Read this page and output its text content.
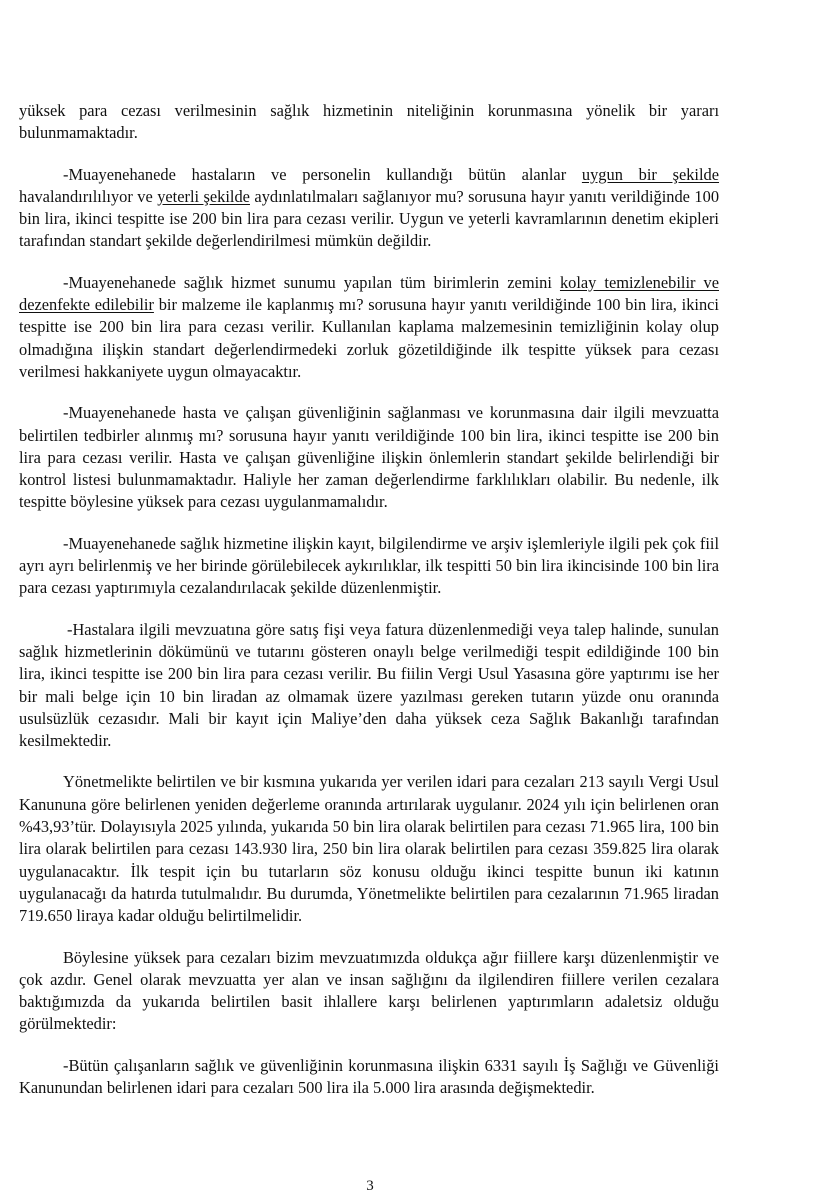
yüksek para cezası verilmesinin sağlık hizmetinin niteliğinin korunmasına yönelik bir yararı bulunmamaktadır.

-Muayenehanede hastaların ve personelin kullandığı bütün alanlar uygun bir şekilde havalandırılılıyor ve yeterli şekilde aydınlatılmaları sağlanıyor mu? sorusuna hayır yanıtı verildiğinde 100 bin lira, ikinci tespitte ise 200 bin lira para cezası verilir. Uygun ve yeterli kavramlarının denetim ekipleri tarafından standart şekilde değerlendirilmesi mümkün değildir.

-Muayenehanede sağlık hizmet sunumu yapılan tüm birimlerin zemini kolay temizlenebilir ve dezenfekte edilebilir bir malzeme ile kaplanmış mı? sorusuna hayır yanıtı verildiğinde 100 bin lira, ikinci tespitte ise 200 bin lira para cezası verilir. Kullanılan kaplama malzemesinin temizliğinin kolay olup olmadığına ilişkin standart değerlendirmedeki zorluk gözetildiğinde ilk tespitte yüksek para cezası verilmesi hakkaniyete uygun olmayacaktır.

-Muayenehanede hasta ve çalışan güvenliğinin sağlanması ve korunmasına dair ilgili mevzuatta belirtilen tedbirler alınmış mı? sorusuna hayır yanıtı verildiğinde 100 bin lira, ikinci tespitte ise 200 bin lira para cezası verilir. Hasta ve çalışan güvenliğine ilişkin önlemlerin standart şekilde belirlendiği bir kontrol listesi bulunmamaktadır. Haliyle her zaman değerlendirme farklılıkları olabilir. Bu nedenle, ilk tespitte böylesine yüksek para cezası uygulanmamalıdır.

-Muayenehanede sağlık hizmetine ilişkin kayıt, bilgilendirme ve arşiv işlemleriyle ilgili pek çok fiil ayrı ayrı belirlenmiş ve her birinde görülebilecek aykırılıklar, ilk tespitti 50 bin lira ikincisinde 100 bin lira para cezası yaptırımıyla cezalandırılacak şekilde düzenlenmiştir.

-Hastalara ilgili mevzuatına göre satış fişi veya fatura düzenlenmediği veya talep halinde, sunulan sağlık hizmetlerinin dökümünü ve tutarını gösteren onaylı belge verilmediği tespit edildiğinde 100 bin lira, ikinci tespitte ise 200 bin lira para cezası verilir. Bu fiilin Vergi Usul Yasasına göre yaptırımı ise her bir mali belge için 10 bin liradan az olmamak üzere yazılması gereken tutarın yüzde onu oranında usulsüzlük cezasıdır. Mali bir kayıt için Maliye’den daha yüksek ceza Sağlık Bakanlığı tarafından kesilmektedir.

Yönetmelikte belirtilen ve bir kısmına yukarıda yer verilen idari para cezaları 213 sayılı Vergi Usul Kanununa göre belirlenen yeniden değerleme oranında artırılarak uygulanır. 2024 yılı için belirlenen oran %43,93’tür. Dolayısıyla 2025 yılında, yukarıda 50 bin lira olarak belirtilen para cezası 71.965 lira, 100 bin lira olarak belirtilen para cezası 143.930 lira, 250 bin lira olarak belirtilen para cezası 359.825 lira olarak uygulanacaktır. İlk tespit için bu tutarların söz konusu olduğu ikinci tespitte bunun iki katının uygulanacağı da hatırda tutulmalıdır. Bu durumda, Yönetmelikte belirtilen para cezalarının 71.965 liradan 719.650 liraya kadar olduğu belirtilmelidir.

Böylesine yüksek para cezaları bizim mevzuatımızda oldukça ağır fiillere karşı düzenlenmiştir ve çok azdır. Genel olarak mevzuatta yer alan ve insan sağlığını da ilgilendiren fiillere verilen cezalara baktığımızda da yukarıda belirtilen basit ihlallere karşı belirlenen yaptırımların adaletsiz olduğu görülmektedir:

-Bütün çalışanların sağlık ve güvenliğinin korunmasına ilişkin 6331 sayılı İş Sağlığı ve Güvenliği Kanunundan belirlenen idari para cezaları 500 lira ila 5.000 lira arasında değişmektedir.

3
